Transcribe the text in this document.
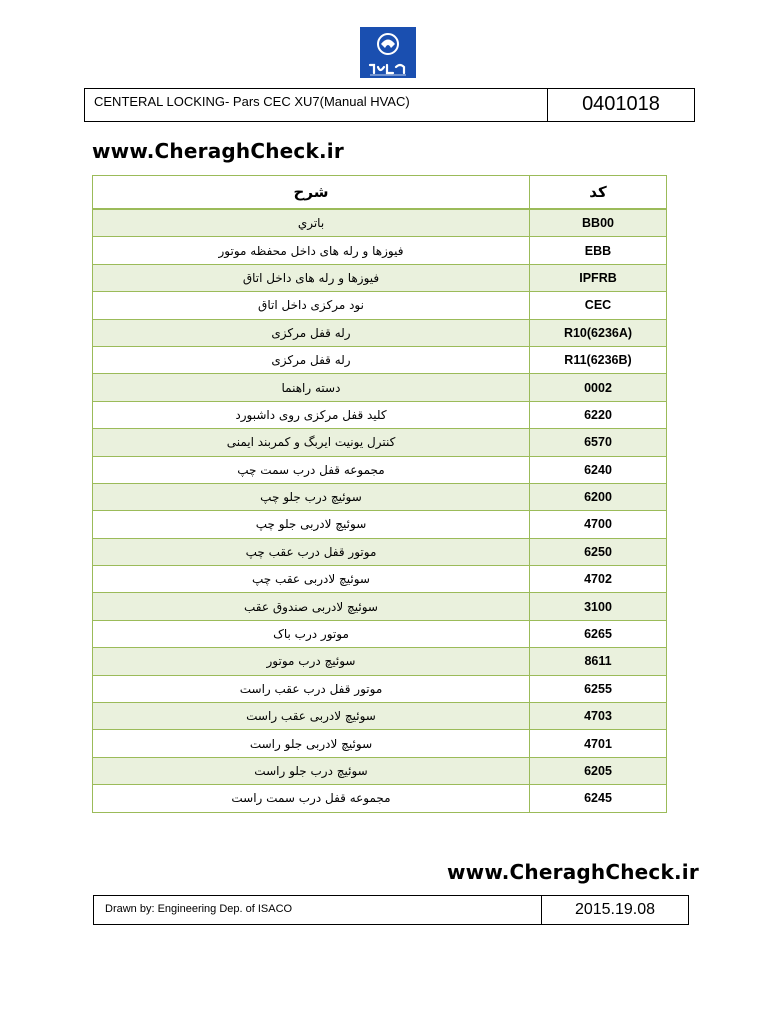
CENTERAL LOCKING- Pars CEC XU7(Manual HVAC)	0401018
www.CheraghCheck.ir
شرح	کد
باتري	BB00
فیوزها و رله های داخل محفظه موتور	EBB
فیوزها و رله های داخل اتاق	IPFRB
نود مرکزی داخل اتاق	CEC
رله قفل مرکزی	R10(6236A)
رله قفل مرکزی	R11(6236B)
دسته راهنما	0002
کلید قفل مرکزی روی داشبورد	6220
کنترل یونیت ایربگ و کمربند ایمنی	6570
مجموعه قفل درب سمت چپ	6240
سوئیچ درب جلو چپ	6200
سوئیچ لادربی جلو چپ	4700
موتور قفل درب عقب چپ	6250
سوئیچ لادربی عقب چپ	4702
سوئیچ لادربی صندوق عقب	3100
موتور درب باک	6265
سوئیچ درب موتور	8611
موتور قفل درب عقب راست	6255
سوئیچ لادربی عقب راست	4703
سوئیچ لادربی جلو راست	4701
سوئیچ درب جلو راست	6205
مجموعه قفل درب سمت راست	6245
www.CheraghCheck.ir
Drawn by: Engineering Dep. of ISACO	2015.19.08
